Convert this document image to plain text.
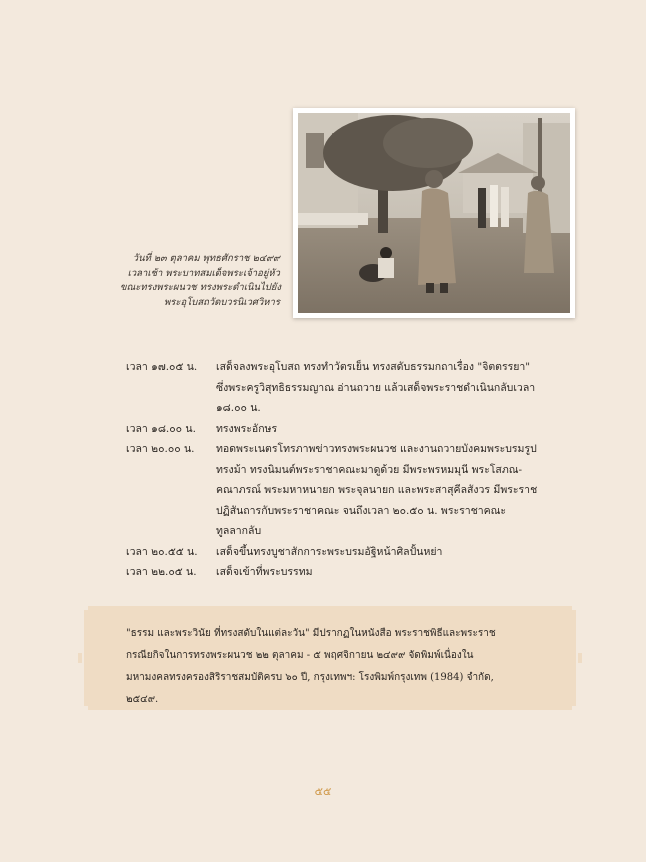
วันที่ ๒๓ ตุลาคม พุทธศักราช ๒๔๙๙
เวลาเช้า พระบาทสมเด็จพระเจ้าอยู่หัว
ขณะทรงพระผนวช ทรงพระดำเนินไปยัง
พระอุโบสถวัดบวรนิเวศวิหาร
เวลา ๑๗.๐๕ น.	เสด็จลงพระอุโบสถ ทรงทำวัตรเย็น ทรงสดับธรรมกถาเรื่อง "จิตตรรยา"
ซึ่งพระครูวิสุทธิธรรมญาณ อ่านถวาย แล้วเสด็จพระราชดำเนินกลับเวลา
๑๘.๐๐ น.
เวลา ๑๘.๐๐ น.	ทรงพระอักษร
เวลา ๒๐.๐๐ น.	ทอดพระเนตรโทรภาพข่าวทรงพระผนวช และงานถวายบังคมพระบรมรูป
ทรงม้า ทรงนิมนต์พระราชาคณะมาดูด้วย มีพระพรหมมุนี พระโสภณ-
คณาภรณ์ พระมหาหนายก พระจุลนายก และพระสาสุคีลสังวร มีพระราช
ปฏิสันถารกับพระราชาคณะ จนถึงเวลา ๒๐.๕๐ น. พระราชาคณะ
ทูลลากลับ
เวลา ๒๐.๕๕ น.	เสด็จขึ้นทรงบูชาสักการะพระบรมอัฐิหน้าศิลปั้นหย่า
เวลา ๒๒.๐๕ น.	เสด็จเข้าที่พระบรรทม
"ธรรม และพระวินัย ที่ทรงสดับในแต่ละวัน" มีปรากฏในหนังสือ พระราชพิธีและพระราช
กรณียกิจในการทรงพระผนวช ๒๒ ตุลาคม - ๕ พฤศจิกายน ๒๔๙๙ จัดพิมพ์เนื่องใน
มหามงคลทรงครองสิริราชสมบัติครบ ๖๐ ปี, กรุงเทพฯ: โรงพิมพ์กรุงเทพ (1984) จำกัด,
๒๕๔๙.
๕๕
